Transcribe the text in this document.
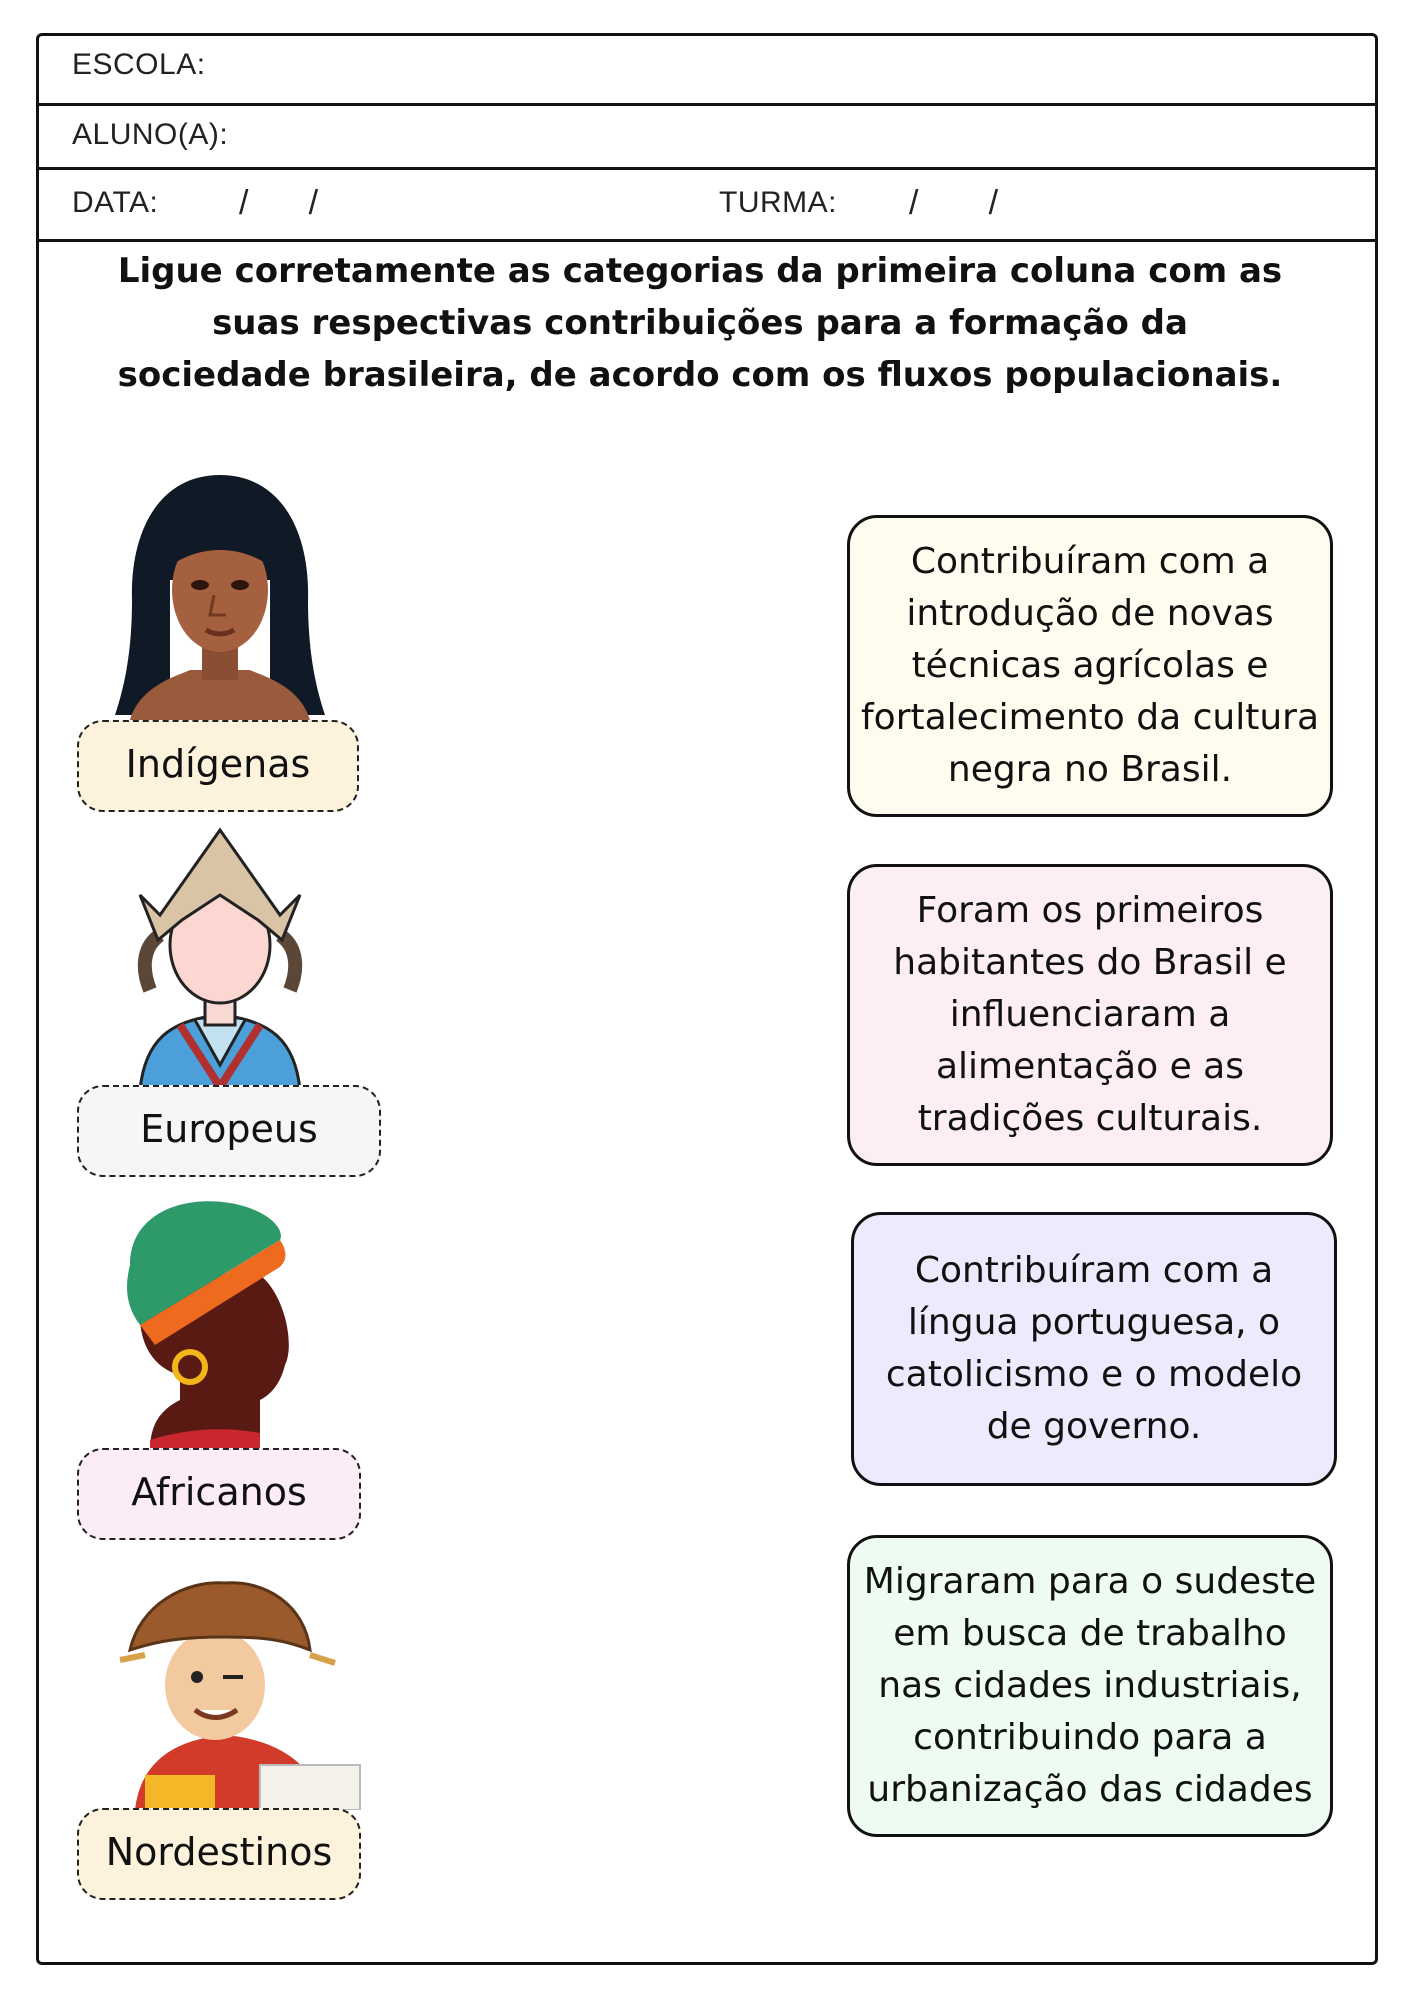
ESCOLA:
ALUNO(A):
DATA: /      /	TURMA: /       /
Ligue corretamente as categorias da primeira coluna com as suas respectivas contribuições para a formação da sociedade brasileira, de acordo com os fluxos populacionais.
Indígenas
Europeus
Africanos
Nordestinos
Contribuíram com a introdução de novas técnicas agrícolas e fortalecimento da cultura negra no Brasil.
Foram os primeiros habitantes do Brasil e influenciaram a alimentação e as tradições culturais.
Contribuíram com a língua portuguesa, o catolicismo e o modelo de governo.
Migraram para o sudeste em busca de trabalho nas cidades industriais, contribuindo para a urbanização das cidades
